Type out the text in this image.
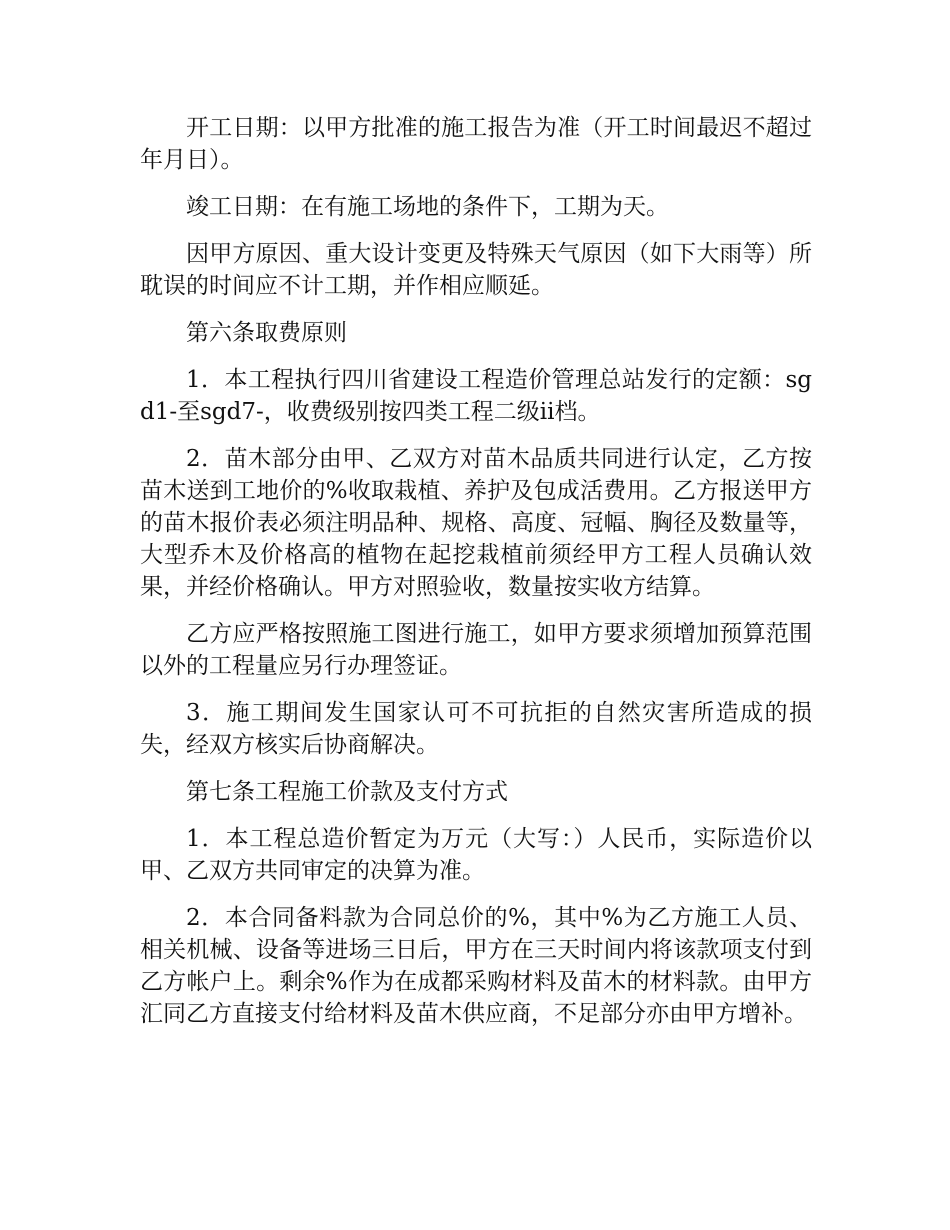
开工日期：以甲方批准的施工报告为准（开工时间最迟不超过年月日）。

竣工日期：在有施工场地的条件下，工期为天。

因甲方原因、重大设计变更及特殊天气原因（如下大雨等）所耽误的时间应不计工期，并作相应顺延。

第六条取费原则

1．本工程执行四川省建设工程造价管理总站发行的定额：sgd1-至sgd7-，收费级别按四类工程二级ii档。

2．苗木部分由甲、乙双方对苗木品质共同进行认定，乙方按苗木送到工地价的%收取栽植、养护及包成活费用。乙方报送甲方的苗木报价表必须注明品种、规格、高度、冠幅、胸径及数量等，大型乔木及价格高的植物在起挖栽植前须经甲方工程人员确认效果，并经价格确认。甲方对照验收，数量按实收方结算。

乙方应严格按照施工图进行施工，如甲方要求须增加预算范围以外的工程量应另行办理签证。

3．施工期间发生国家认可不可抗拒的自然灾害所造成的损失，经双方核实后协商解决。

第七条工程施工价款及支付方式

1．本工程总造价暂定为万元（大写：）人民币，实际造价以甲、乙双方共同审定的决算为准。

2．本合同备料款为合同总价的%，其中%为乙方施工人员、相关机械、设备等进场三日后，甲方在三天时间内将该款项支付到乙方帐户上。剩余%作为在成都采购材料及苗木的材料款。由甲方汇同乙方直接支付给材料及苗木供应商，不足部分亦由甲方增补。
